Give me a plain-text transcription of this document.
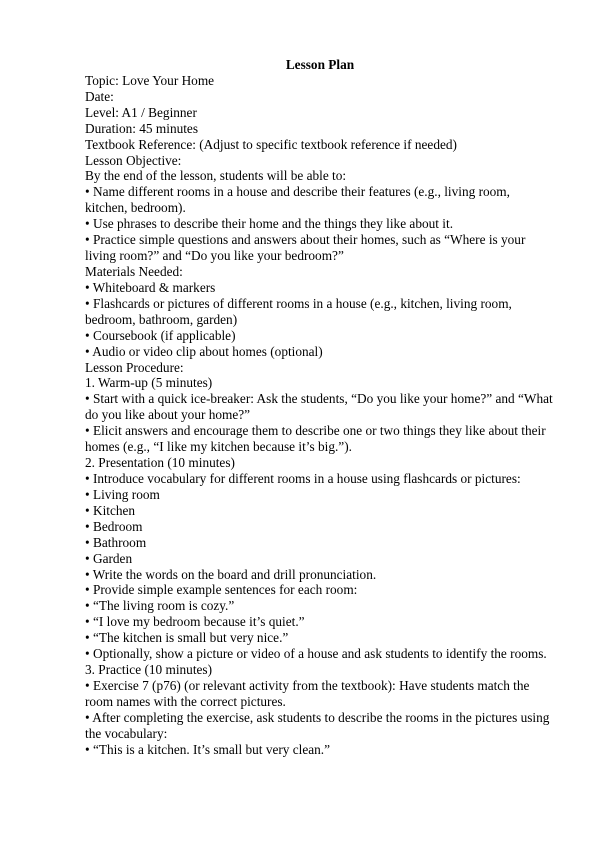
Lesson Plan

Topic: Love Your Home

Date:

Level: A1 / Beginner

Duration: 45 minutes

Textbook Reference: (Adjust to specific textbook reference if needed)

Lesson Objective:

By the end of the lesson, students will be able to:

• Name different rooms in a house and describe their features (e.g., living room, kitchen, bedroom).

• Use phrases to describe their home and the things they like about it.

• Practice simple questions and answers about their homes, such as “Where is your living room?” and “Do you like your bedroom?”

Materials Needed:

• Whiteboard & markers

• Flashcards or pictures of different rooms in a house (e.g., kitchen, living room, bedroom, bathroom, garden)

• Coursebook (if applicable)

• Audio or video clip about homes (optional)

Lesson Procedure:

1. Warm-up (5 minutes)

• Start with a quick ice-breaker: Ask the students, “Do you like your home?” and “What do you like about your home?”

• Elicit answers and encourage them to describe one or two things they like about their homes (e.g., “I like my kitchen because it’s big.”).

2. Presentation (10 minutes)

• Introduce vocabulary for different rooms in a house using flashcards or pictures:

• Living room

• Kitchen

• Bedroom

• Bathroom

• Garden

• Write the words on the board and drill pronunciation.

• Provide simple example sentences for each room:

• “The living room is cozy.”

• “I love my bedroom because it’s quiet.”

• “The kitchen is small but very nice.”

• Optionally, show a picture or video of a house and ask students to identify the rooms.

3. Practice (10 minutes)

• Exercise 7 (p76) (or relevant activity from the textbook): Have students match the room names with the correct pictures.

• After completing the exercise, ask students to describe the rooms in the pictures using the vocabulary:

• “This is a kitchen. It’s small but very clean.”
